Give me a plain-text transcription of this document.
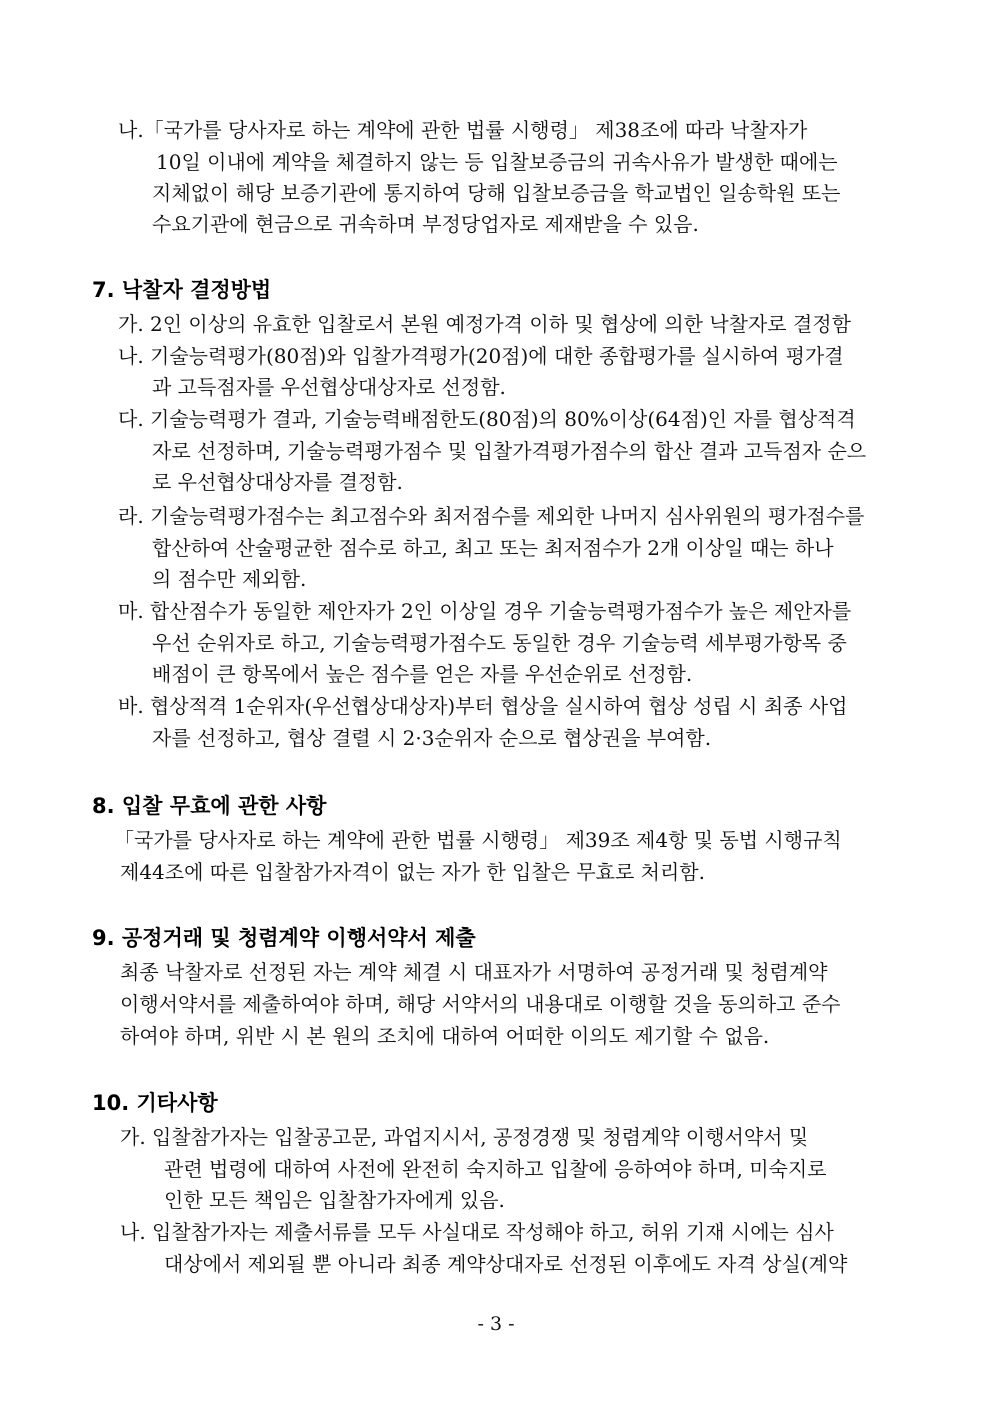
나.「국가를 당사자로 하는 계약에 관한 법률 시행령」 제38조에 따라 낙찰자가
10일 이내에 계약을 체결하지 않는 등 입찰보증금의 귀속사유가 발생한 때에는
지체없이 해당 보증기관에 통지하여 당해 입찰보증금을 학교법인 일송학원 또는
수요기관에 현금으로 귀속하며 부정당업자로 제재받을 수 있음.
7. 낙찰자 결정방법
가. 2인 이상의 유효한 입찰로서 본원 예정가격 이하 및 협상에 의한 낙찰자로 결정함
나. 기술능력평가(80점)와 입찰가격평가(20점)에 대한 종합평가를 실시하여 평가결
과 고득점자를 우선협상대상자로 선정함.
다. 기술능력평가 결과, 기술능력배점한도(80점)의 80%이상(64점)인 자를 협상적격
자로 선정하며, 기술능력평가점수 및 입찰가격평가점수의 합산 결과 고득점자 순으
로 우선협상대상자를 결정함.
라. 기술능력평가점수는 최고점수와 최저점수를 제외한 나머지 심사위원의 평가점수를
합산하여 산술평균한 점수로 하고, 최고 또는 최저점수가 2개 이상일 때는 하나
의 점수만 제외함.
마. 합산점수가 동일한 제안자가 2인 이상일 경우 기술능력평가점수가 높은 제안자를
우선 순위자로 하고, 기술능력평가점수도 동일한 경우 기술능력 세부평가항목 중
배점이 큰 항목에서 높은 점수를 얻은 자를 우선순위로 선정함.
바. 협상적격 1순위자(우선협상대상자)부터 협상을 실시하여 협상 성립 시 최종 사업
자를 선정하고, 협상 결렬 시 2·3순위자 순으로 협상권을 부여함.
8. 입찰 무효에 관한 사항
「국가를 당사자로 하는 계약에 관한 법률 시행령」 제39조 제4항 및 동법 시행규칙
제44조에 따른 입찰참가자격이 없는 자가 한 입찰은 무효로 처리함.
9. 공정거래 및 청렴계약 이행서약서 제출
최종 낙찰자로 선정된 자는 계약 체결 시 대표자가 서명하여 공정거래 및 청렴계약
이행서약서를 제출하여야 하며, 해당 서약서의 내용대로 이행할 것을 동의하고 준수
하여야 하며, 위반 시 본 원의 조치에 대하여 어떠한 이의도 제기할 수 없음.
10. 기타사항
가. 입찰참가자는 입찰공고문, 과업지시서, 공정경쟁 및 청렴계약 이행서약서 및
관련 법령에 대하여 사전에 완전히 숙지하고 입찰에 응하여야 하며, 미숙지로
인한 모든 책임은 입찰참가자에게 있음.
나. 입찰참가자는 제출서류를 모두 사실대로 작성해야 하고, 허위 기재 시에는 심사
대상에서 제외될 뿐 아니라 최종 계약상대자로 선정된 이후에도 자격 상실(계약
- 3 -
